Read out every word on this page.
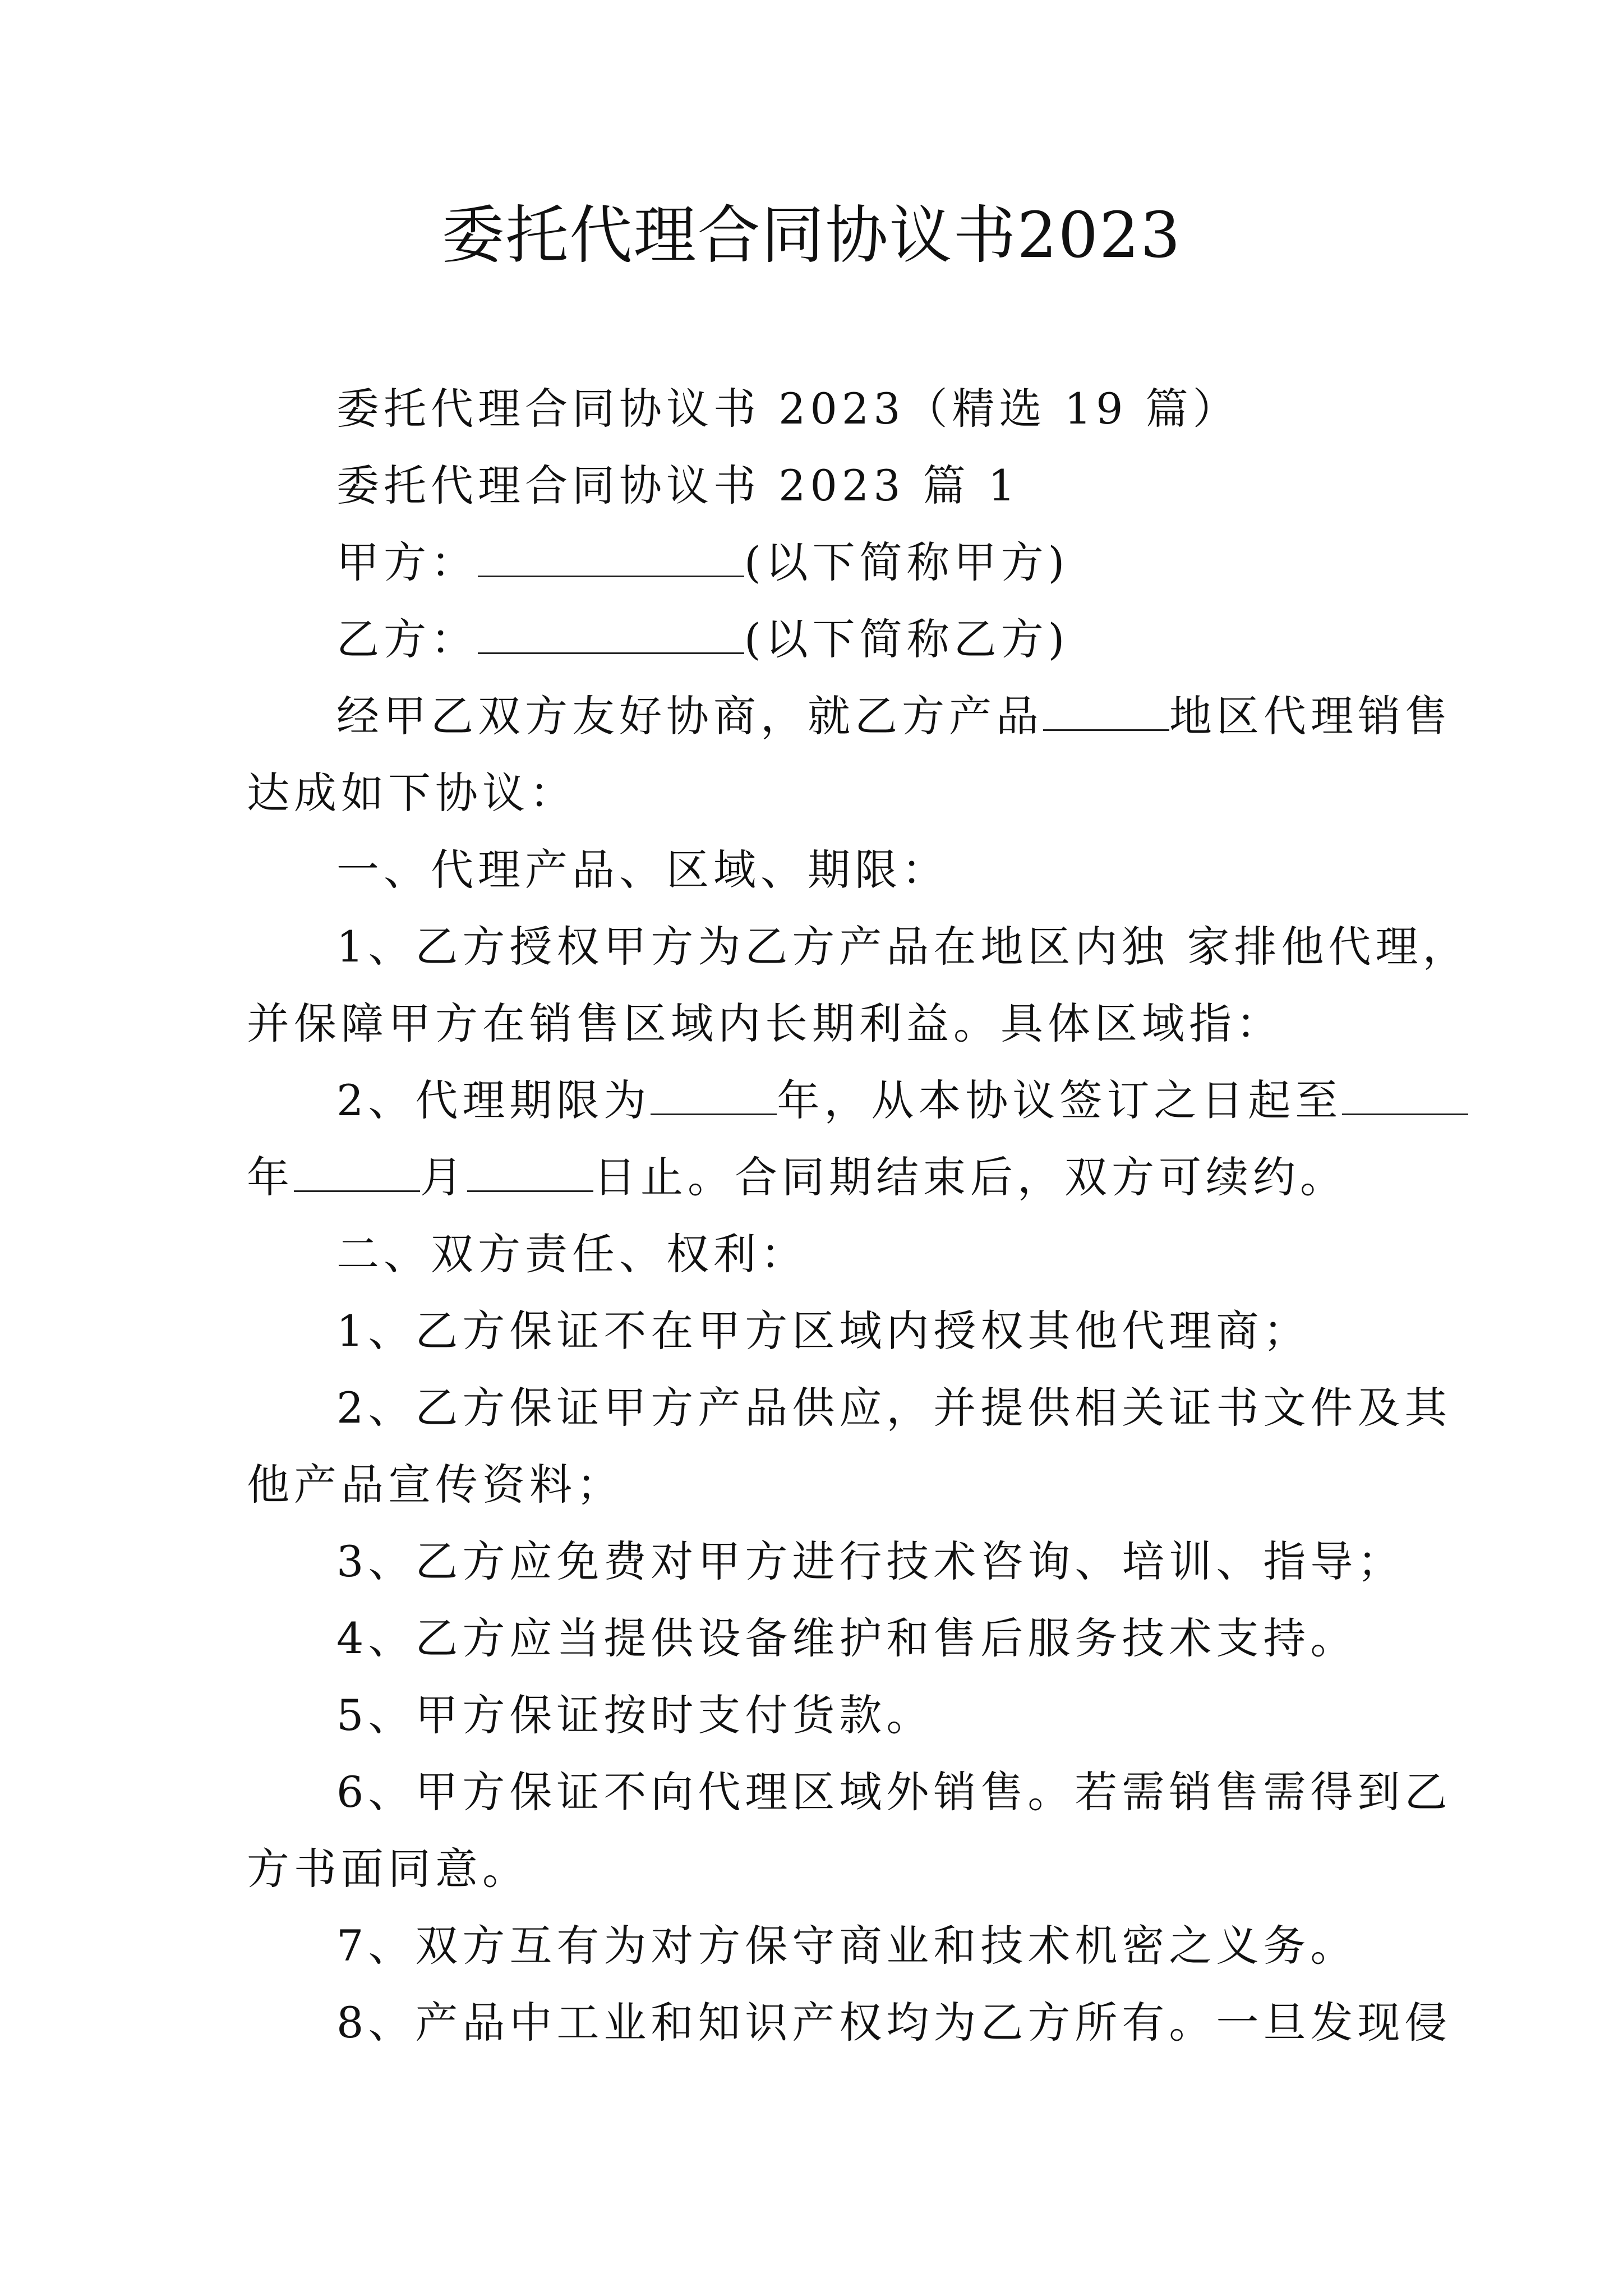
委托代理合同协议书2023
委托代理合同协议书 2023（精选 19 篇）
委托代理合同协议书 2023 篇 1
甲方：	(以下简称甲方)
乙方：	(以下简称乙方)
经甲乙双方友好协商，就乙方产品	地区代理销售
达成如下协议：
一、代理产品、区域、期限：
1、乙方授权甲方为乙方产品在地区内独 家排他代理，
并保障甲方在销售区域内长期利益。具体区域指：
2、代理期限为	年，从本协议签订之日起至
年	月	日止。合同期结束后，双方可续约。
二、双方责任、权利：
1、乙方保证不在甲方区域内授权其他代理商；
2、乙方保证甲方产品供应，并提供相关证书文件及其
他产品宣传资料；
3、乙方应免费对甲方进行技术咨询、培训、指导；
4、乙方应当提供设备维护和售后服务技术支持。
5、甲方保证按时支付货款。
6、甲方保证不向代理区域外销售。若需销售需得到乙
方书面同意。
7、双方互有为对方保守商业和技术机密之义务。
8、产品中工业和知识产权均为乙方所有。一旦发现侵
